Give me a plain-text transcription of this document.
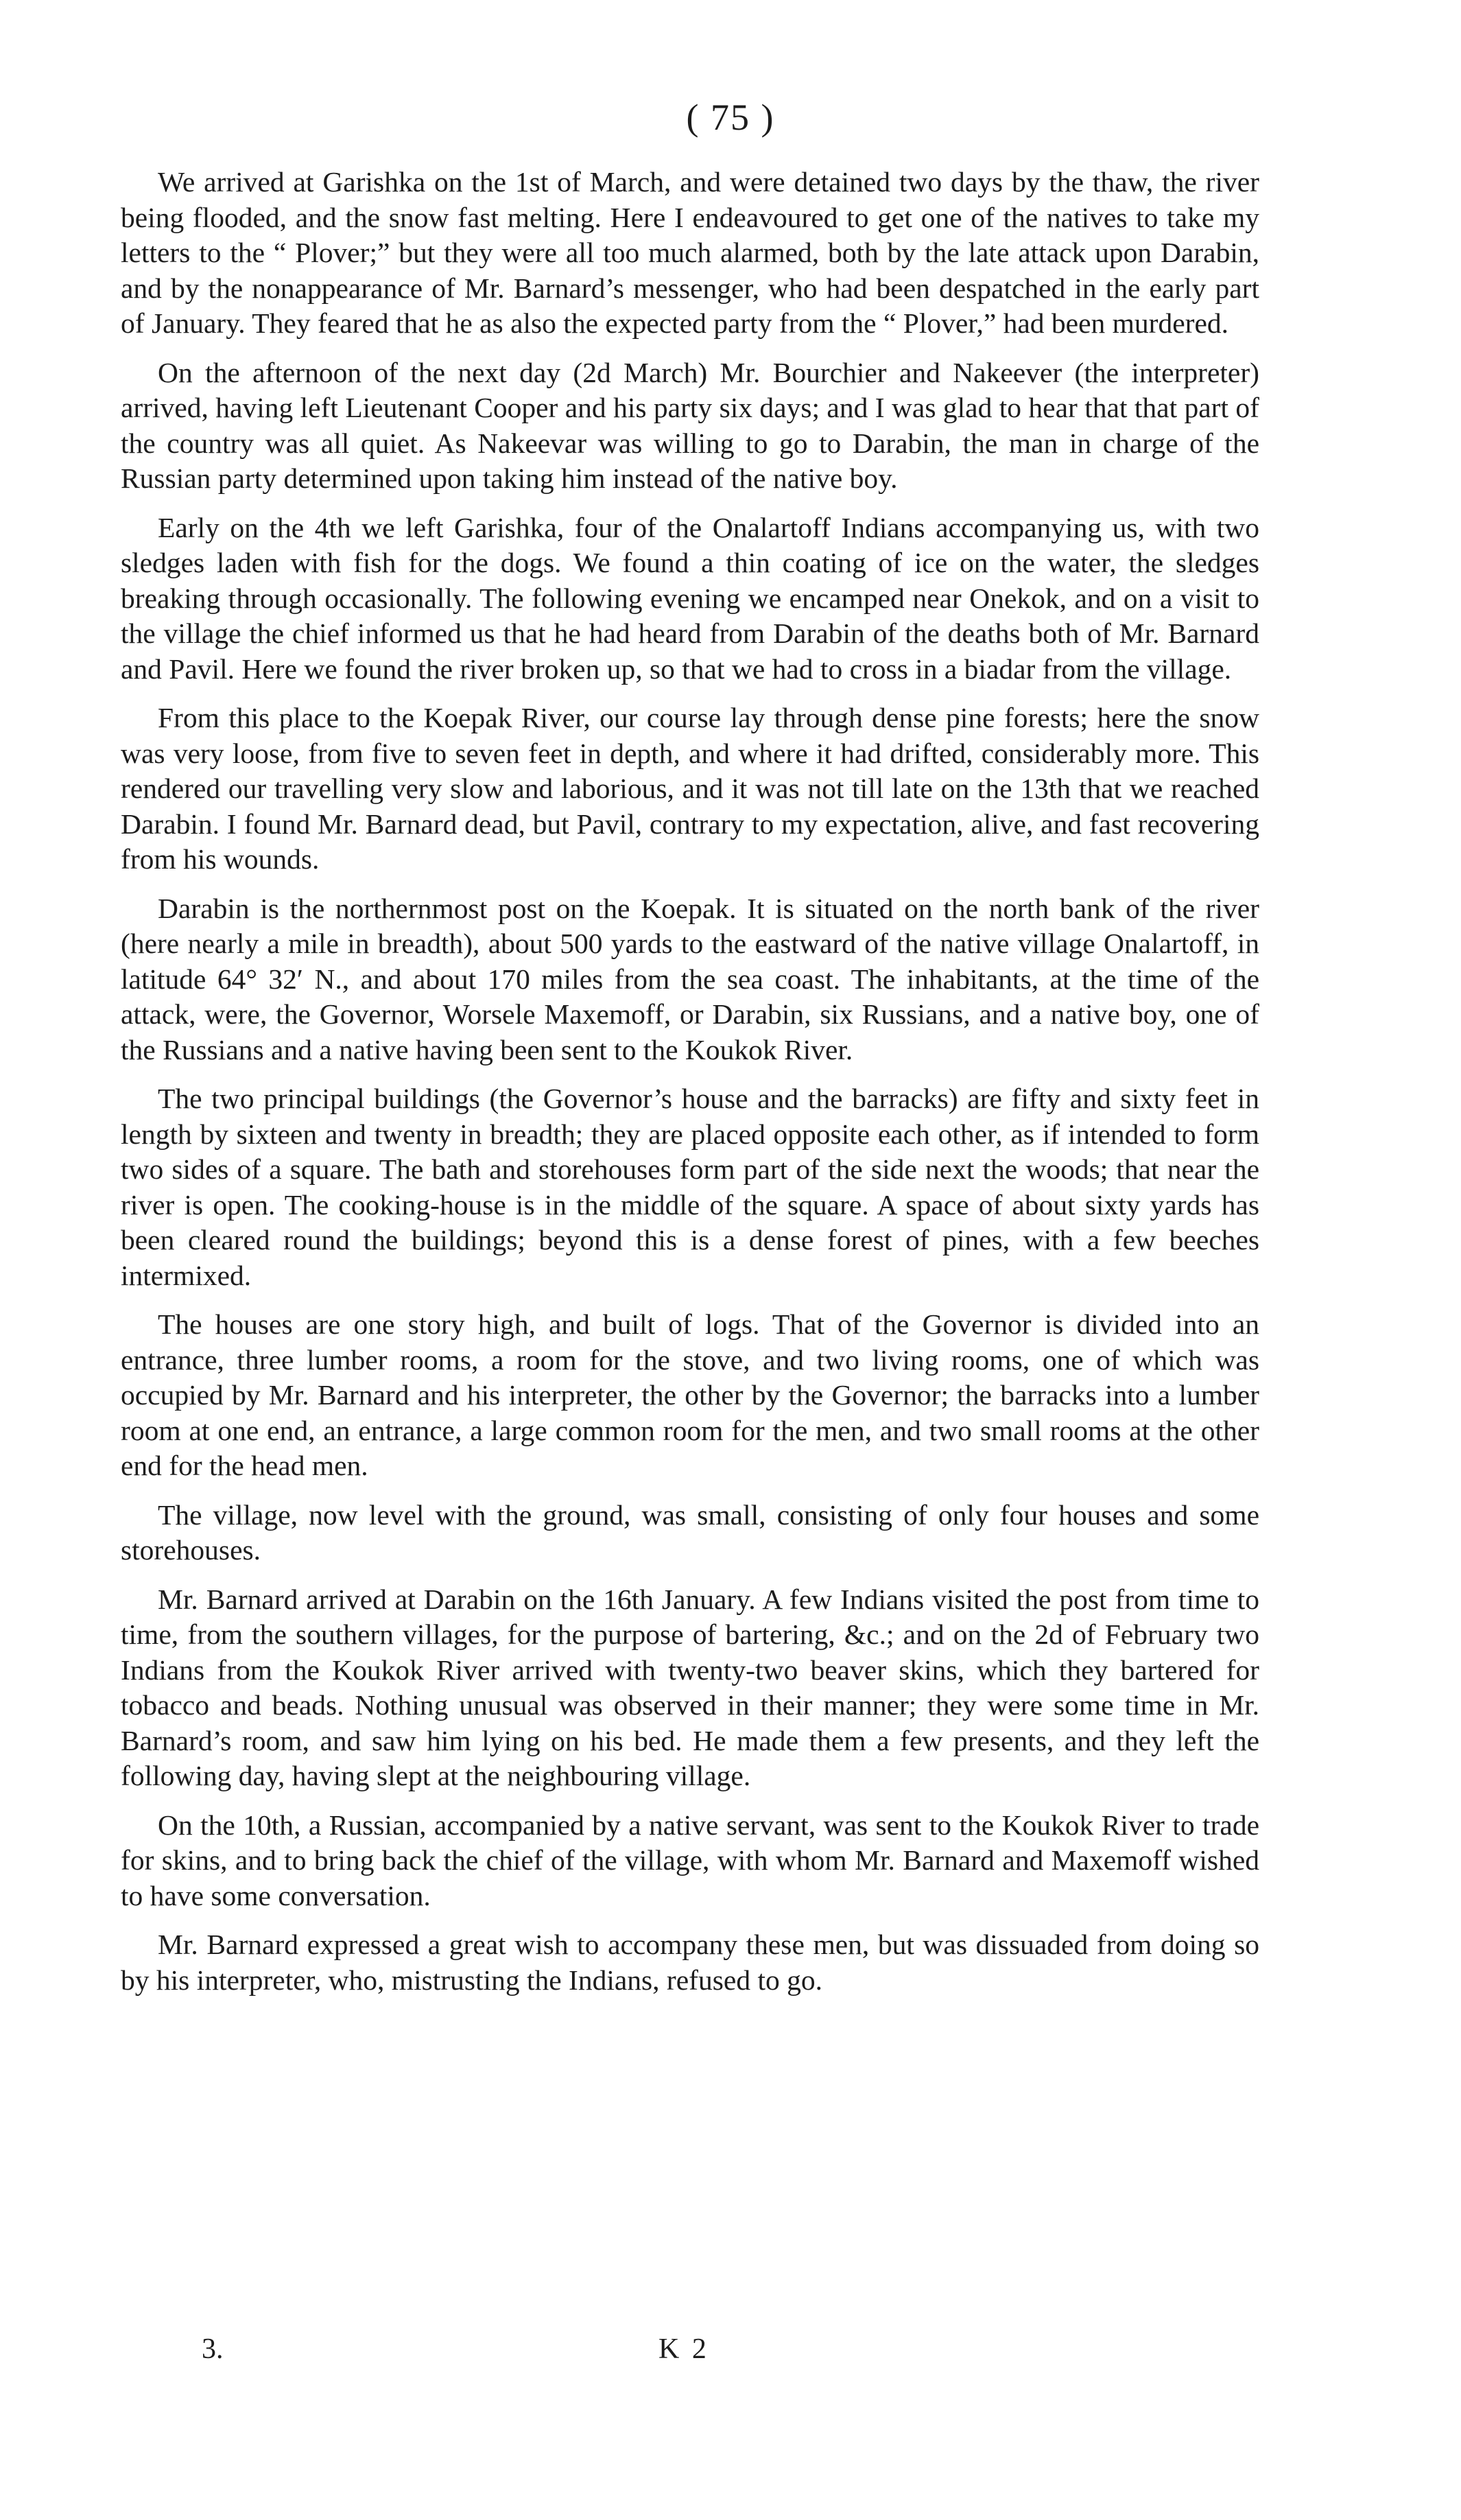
( 75 )

We arrived at Garishka on the 1st of March, and were detained two days by the thaw, the river being flooded, and the snow fast melting. Here I endeavoured to get one of the natives to take my letters to the “ Plover;” but they were all too much alarmed, both by the late attack upon Darabin, and by the nonappearance of Mr. Barnard’s messenger, who had been despatched in the early part of January. They feared that he as also the expected party from the “ Plover,” had been murdered.

On the afternoon of the next day (2d March) Mr. Bourchier and Nakeever (the interpreter) arrived, having left Lieutenant Cooper and his party six days; and I was glad to hear that that part of the country was all quiet. As Nakeevar was willing to go to Darabin, the man in charge of the Russian party determined upon taking him instead of the native boy.

Early on the 4th we left Garishka, four of the Onalartoff Indians accompanying us, with two sledges laden with fish for the dogs. We found a thin coating of ice on the water, the sledges breaking through occasionally. The following evening we encamped near Onekok, and on a visit to the village the chief informed us that he had heard from Darabin of the deaths both of Mr. Barnard and Pavil. Here we found the river broken up, so that we had to cross in a biadar from the village.

From this place to the Koepak River, our course lay through dense pine forests; here the snow was very loose, from five to seven feet in depth, and where it had drifted, considerably more. This rendered our travelling very slow and laborious, and it was not till late on the 13th that we reached Darabin. I found Mr. Barnard dead, but Pavil, contrary to my expectation, alive, and fast recovering from his wounds.

Darabin is the northernmost post on the Koepak. It is situated on the north bank of the river (here nearly a mile in breadth), about 500 yards to the eastward of the native village Onalartoff, in latitude 64° 32′ N., and about 170 miles from the sea coast. The inhabitants, at the time of the attack, were, the Governor, Worsele Maxemoff, or Darabin, six Russians, and a native boy, one of the Russians and a native having been sent to the Koukok River.

The two principal buildings (the Governor’s house and the barracks) are fifty and sixty feet in length by sixteen and twenty in breadth; they are placed opposite each other, as if intended to form two sides of a square. The bath and storehouses form part of the side next the woods; that near the river is open. The cooking-house is in the middle of the square. A space of about sixty yards has been cleared round the buildings; beyond this is a dense forest of pines, with a few beeches intermixed.

The houses are one story high, and built of logs. That of the Governor is divided into an entrance, three lumber rooms, a room for the stove, and two living rooms, one of which was occupied by Mr. Barnard and his interpreter, the other by the Governor; the barracks into a lumber room at one end, an entrance, a large common room for the men, and two small rooms at the other end for the head men.

The village, now level with the ground, was small, consisting of only four houses and some storehouses.

Mr. Barnard arrived at Darabin on the 16th January. A few Indians visited the post from time to time, from the southern villages, for the purpose of bartering, &c.; and on the 2d of February two Indians from the Koukok River arrived with twenty-two beaver skins, which they bartered for tobacco and beads. Nothing unusual was observed in their manner; they were some time in Mr. Barnard’s room, and saw him lying on his bed. He made them a few presents, and they left the following day, having slept at the neighbouring village.

On the 10th, a Russian, accompanied by a native servant, was sent to the Koukok River to trade for skins, and to bring back the chief of the village, with whom Mr. Barnard and Maxemoff wished to have some conversation.

Mr. Barnard expressed a great wish to accompany these men, but was dissuaded from doing so by his interpreter, who, mistrusting the Indians, refused to go.

3.	K 2
